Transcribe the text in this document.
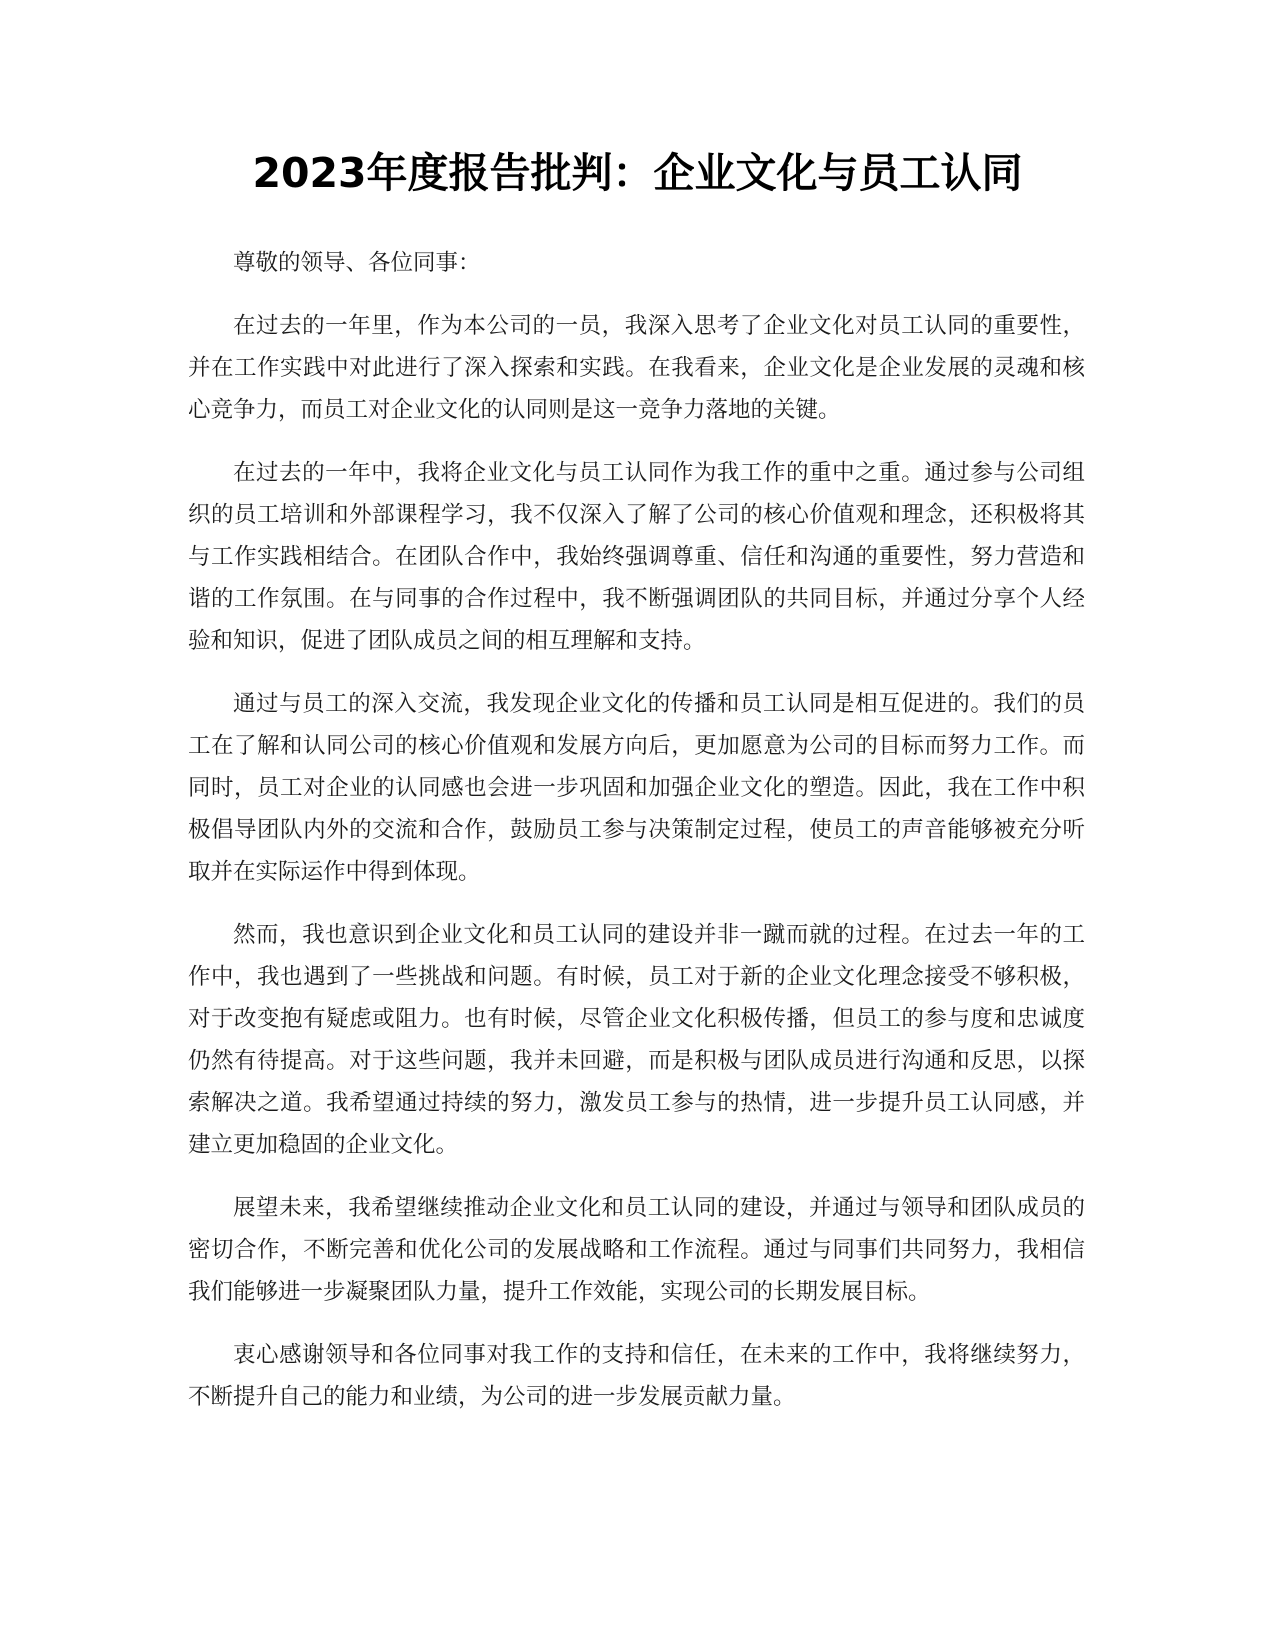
2023年度报告批判：企业文化与员工认同

尊敬的领导、各位同事：

在过去的一年里，作为本公司的一员，我深入思考了企业文化对员工认同的重要性，并在工作实践中对此进行了深入探索和实践。在我看来，企业文化是企业发展的灵魂和核心竞争力，而员工对企业文化的认同则是这一竞争力落地的关键。

在过去的一年中，我将企业文化与员工认同作为我工作的重中之重。通过参与公司组织的员工培训和外部课程学习，我不仅深入了解了公司的核心价值观和理念，还积极将其与工作实践相结合。在团队合作中，我始终强调尊重、信任和沟通的重要性，努力营造和谐的工作氛围。在与同事的合作过程中，我不断强调团队的共同目标，并通过分享个人经验和知识，促进了团队成员之间的相互理解和支持。

通过与员工的深入交流，我发现企业文化的传播和员工认同是相互促进的。我们的员工在了解和认同公司的核心价值观和发展方向后，更加愿意为公司的目标而努力工作。而同时，员工对企业的认同感也会进一步巩固和加强企业文化的塑造。因此，我在工作中积极倡导团队内外的交流和合作，鼓励员工参与决策制定过程，使员工的声音能够被充分听取并在实际运作中得到体现。

然而，我也意识到企业文化和员工认同的建设并非一蹴而就的过程。在过去一年的工作中，我也遇到了一些挑战和问题。有时候，员工对于新的企业文化理念接受不够积极，对于改变抱有疑虑或阻力。也有时候，尽管企业文化积极传播，但员工的参与度和忠诚度仍然有待提高。对于这些问题，我并未回避，而是积极与团队成员进行沟通和反思，以探索解决之道。我希望通过持续的努力，激发员工参与的热情，进一步提升员工认同感，并建立更加稳固的企业文化。

展望未来，我希望继续推动企业文化和员工认同的建设，并通过与领导和团队成员的密切合作，不断完善和优化公司的发展战略和工作流程。通过与同事们共同努力，我相信我们能够进一步凝聚团队力量，提升工作效能，实现公司的长期发展目标。

衷心感谢领导和各位同事对我工作的支持和信任，在未来的工作中，我将继续努力，不断提升自己的能力和业绩，为公司的进一步发展贡献力量。
